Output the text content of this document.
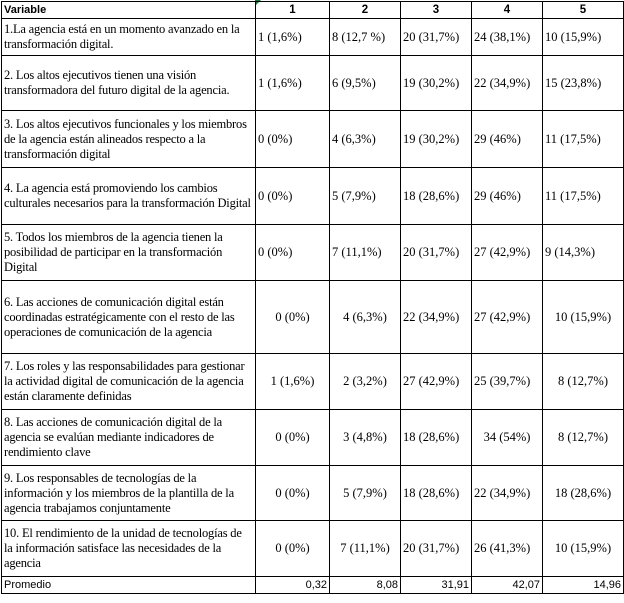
Variable	1	2	3	4	5
1.La agencia está en un momento avanzado en la transformación digital.	1 (1,6%)	8 (12,7 %)	20 (31,7%)	24 (38,1%)	10 (15,9%)
2. Los altos ejecutivos tienen una visión transformadora del futuro digital de la agencia.	1 (1,6%)	6 (9,5%)	19 (30,2%)	22 (34,9%)	15 (23,8%)
3. Los altos ejecutivos funcionales y los miembros de la agencia están alineados respecto a la transformación digital	0 (0%)	4 (6,3%)	19 (30,2%)	29 (46%)	11 (17,5%)
4. La agencia está promoviendo los cambios culturales necesarios para la transformación Digital	0 (0%)	5 (7,9%)	18 (28,6%)	29 (46%)	11 (17,5%)
5. Todos los miembros de la agencia tienen la posibilidad de participar en la transformación Digital	0 (0%)	7 (11,1%)	20 (31,7%)	27 (42,9%)	9 (14,3%)
6. Las acciones de comunicación digital están coordinadas estratégicamente con el resto de las operaciones de comunicación de la agencia	0 (0%)	4 (6,3%)	22 (34,9%)	27 (42,9%)	10 (15,9%)
7. Los roles y las responsabilidades para gestionar la actividad digital de comunicación de la agencia están claramente definidas	1 (1,6%)	2 (3,2%)	27 (42,9%)	25 (39,7%)	8 (12,7%)
8. Las acciones de comunicación digital de la agencia se evalúan mediante indicadores de rendimiento clave	0 (0%)	3 (4,8%)	18 (28,6%)	34 (54%)	8 (12,7%)
9. Los responsables de tecnologías de la información y los miembros de la plantilla de la agencia trabajamos conjuntamente	0 (0%)	5 (7,9%)	18 (28,6%)	22 (34,9%)	18 (28,6%)
10. El rendimiento de la unidad de tecnologías de la información satisface las necesidades de la agencia	0 (0%)	7 (11,1%)	20 (31,7%)	26 (41,3%)	10 (15,9%)
Promedio	0,32	8,08	31,91	42,07	14,96
